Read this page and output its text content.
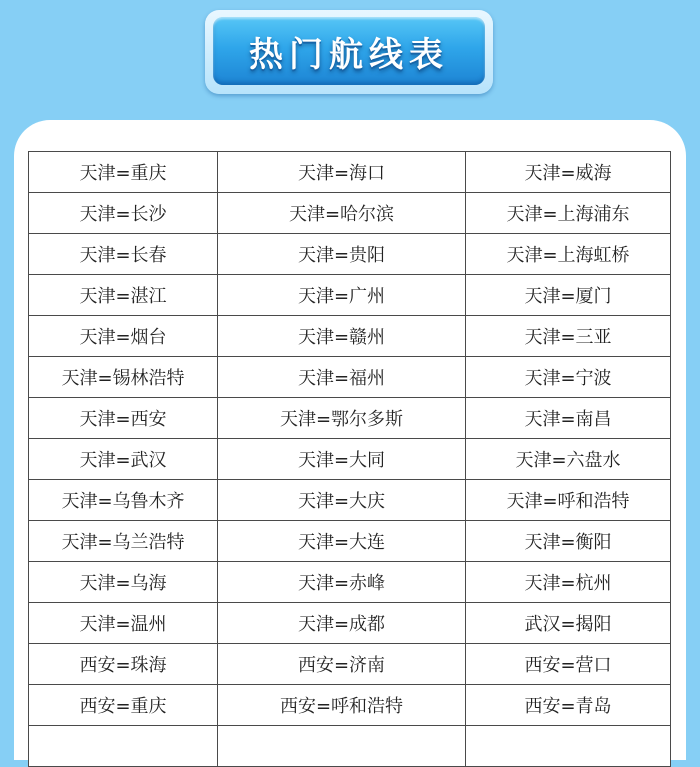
热门航线表
天津=重庆	天津=海口	天津=威海
天津=长沙	天津=哈尔滨	天津=上海浦东
天津=长春	天津=贵阳	天津=上海虹桥
天津=湛江	天津=广州	天津=厦门
天津=烟台	天津=赣州	天津=三亚
天津=锡林浩特	天津=福州	天津=宁波
天津=西安	天津=鄂尔多斯	天津=南昌
天津=武汉	天津=大同	天津=六盘水
天津=乌鲁木齐	天津=大庆	天津=呼和浩特
天津=乌兰浩特	天津=大连	天津=衡阳
天津=乌海	天津=赤峰	天津=杭州
天津=温州	天津=成都	武汉=揭阳
西安=珠海	西安=济南	西安=营口
西安=重庆	西安=呼和浩特	西安=青岛
